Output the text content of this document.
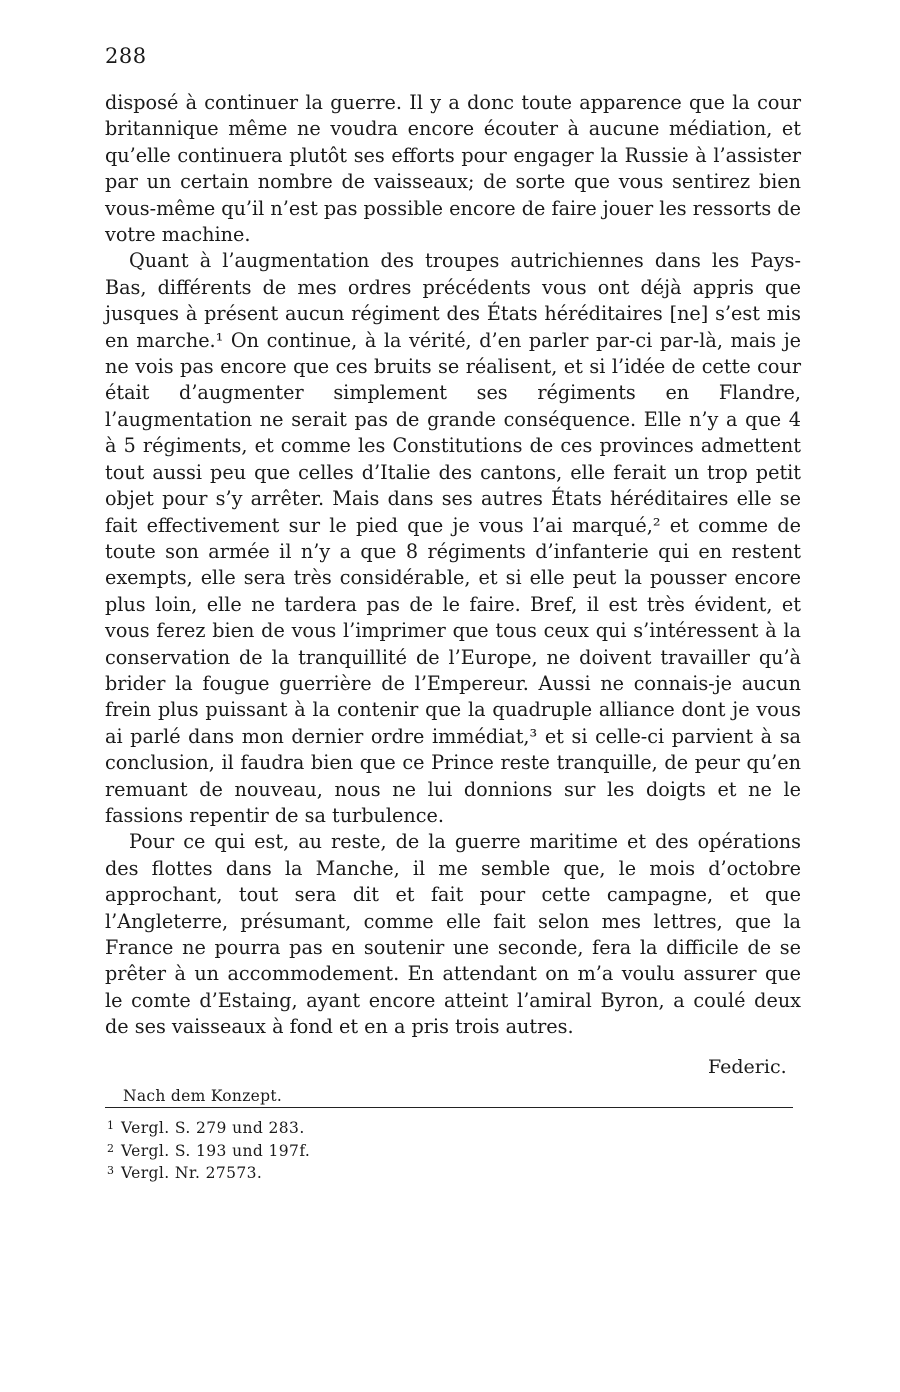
288

disposé à continuer la guerre. Il y a donc toute apparence que la cour britannique même ne voudra encore écouter à aucune médiation, et qu’elle continuera plutôt ses efforts pour engager la Russie à l’assister par un certain nombre de vaisseaux; de sorte que vous sentirez bien vous-même qu’il n’est pas possible encore de faire jouer les ressorts de votre machine.

Quant à l’augmentation des troupes autrichiennes dans les Pays-Bas, différents de mes ordres précédents vous ont déjà appris que jusques à présent aucun régiment des États héréditaires [ne] s’est mis en marche.¹ On continue, à la vérité, d’en parler par-ci par-là, mais je ne vois pas encore que ces bruits se réalisent, et si l’idée de cette cour était d’augmenter simplement ses régiments en Flandre, l’augmentation ne serait pas de grande conséquence. Elle n’y a que 4 à 5 régiments, et comme les Constitutions de ces provinces admettent tout aussi peu que celles d’Italie des cantons, elle ferait un trop petit objet pour s’y arrêter. Mais dans ses autres États héréditaires elle se fait effectivement sur le pied que je vous l’ai marqué,² et comme de toute son armée il n’y a que 8 régiments d’infanterie qui en restent exempts, elle sera très considérable, et si elle peut la pousser encore plus loin, elle ne tardera pas de le faire. Bref, il est très évident, et vous ferez bien de vous l’imprimer que tous ceux qui s’intéressent à la conservation de la tranquillité de l’Europe, ne doivent travailler qu’à brider la fougue guerrière de l’Empereur. Aussi ne connais-je aucun frein plus puissant à la contenir que la quadruple alliance dont je vous ai parlé dans mon dernier ordre immédiat,³ et si celle-ci parvient à sa conclusion, il faudra bien que ce Prince reste tranquille, de peur qu’en remuant de nouveau, nous ne lui donnions sur les doigts et ne le fassions repentir de sa turbulence.

Pour ce qui est, au reste, de la guerre maritime et des opérations des flottes dans la Manche, il me semble que, le mois d’octobre approchant, tout sera dit et fait pour cette campagne, et que l’Angleterre, présumant, comme elle fait selon mes lettres, que la France ne pourra pas en soutenir une seconde, fera la difficile de se prêter à un accommodement. En attendant on m’a voulu assurer que le comte d’Estaing, ayant encore atteint l’amiral Byron, a coulé deux de ses vaisseaux à fond et en a pris trois autres.

Federic.
Nach dem Konzept.

1 Vergl. S. 279 und 283.

2 Vergl. S. 193 und 197f.

3 Vergl. Nr. 27573.
